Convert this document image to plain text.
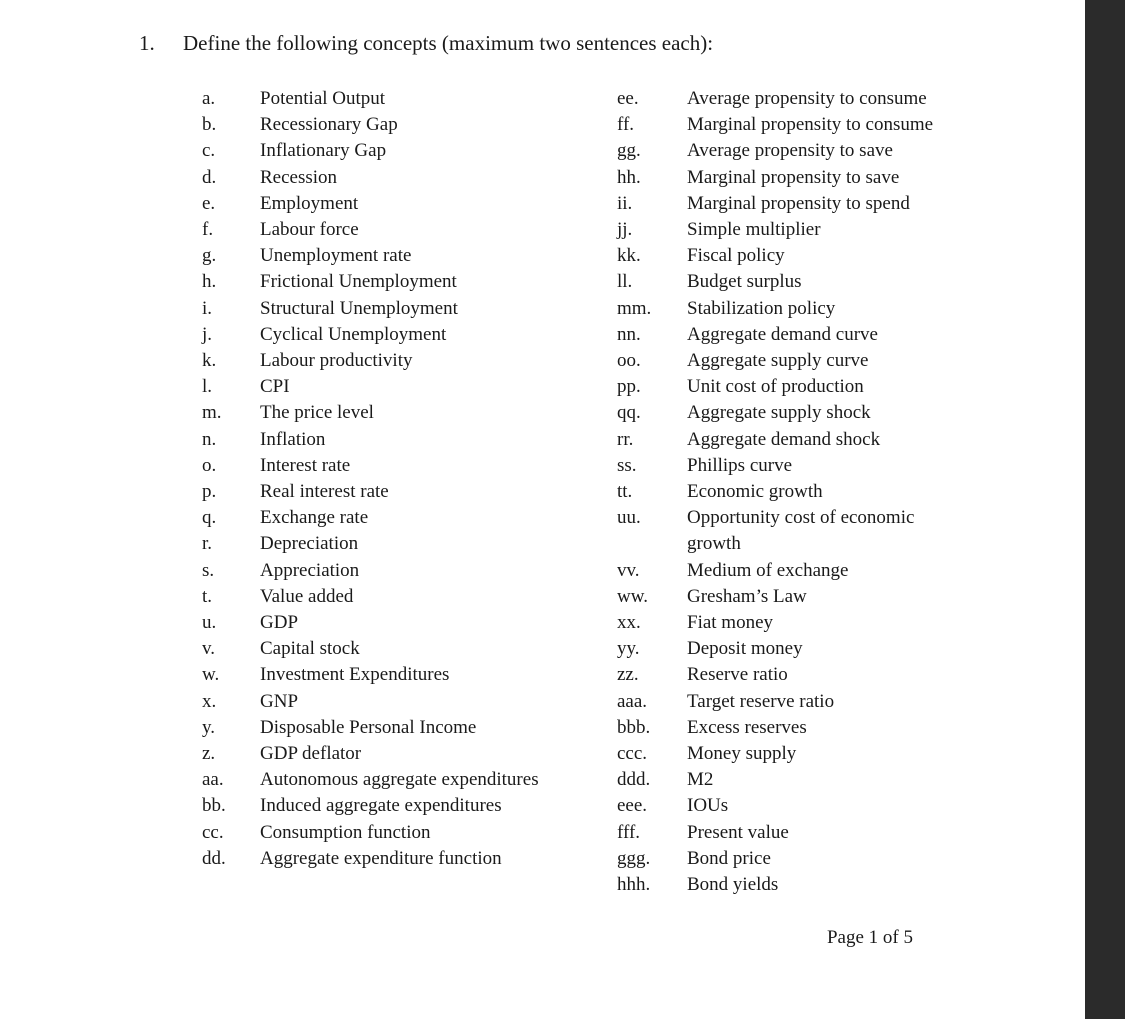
1. Define the following concepts (maximum two sentences each):
a.	Potential Output
b.	Recessionary Gap
c.	Inflationary Gap
d.	Recession
e.	Employment
f.	Labour force
g.	Unemployment rate
h.	Frictional Unemployment
i.	Structural Unemployment
j.	Cyclical Unemployment
k.	Labour productivity
l.	CPI
m.	The price level
n.	Inflation
o.	Interest rate
p.	Real interest rate
q.	Exchange rate
r.	Depreciation
s.	Appreciation
t.	Value added
u.	GDP
v.	Capital stock
w.	Investment Expenditures
x.	GNP
y.	Disposable Personal Income
z.	GDP deflator
aa.	Autonomous aggregate expenditures
bb.	Induced aggregate expenditures
cc.	Consumption function
dd.	Aggregate expenditure function
ee.	Average propensity to consume
ff.	Marginal propensity to consume
gg.	Average propensity to save
hh.	Marginal propensity to save
ii.	Marginal propensity to spend
jj.	Simple multiplier
kk.	Fiscal policy
ll.	Budget surplus
mm.	Stabilization policy
nn.	Aggregate demand curve
oo.	Aggregate supply curve
pp.	Unit cost of production
qq.	Aggregate supply shock
rr.	Aggregate demand shock
ss.	Phillips curve
tt.	Economic growth
uu.	Opportunity cost of economic growth
vv.	Medium of exchange
ww.	Gresham’s Law
xx.	Fiat money
yy.	Deposit money
zz.	Reserve ratio
aaa.	Target reserve ratio
bbb.	Excess reserves
ccc.	Money supply
ddd.	M2
eee.	IOUs
fff.	Present value
ggg.	Bond price
hhh.	Bond yields
Page 1 of 5
